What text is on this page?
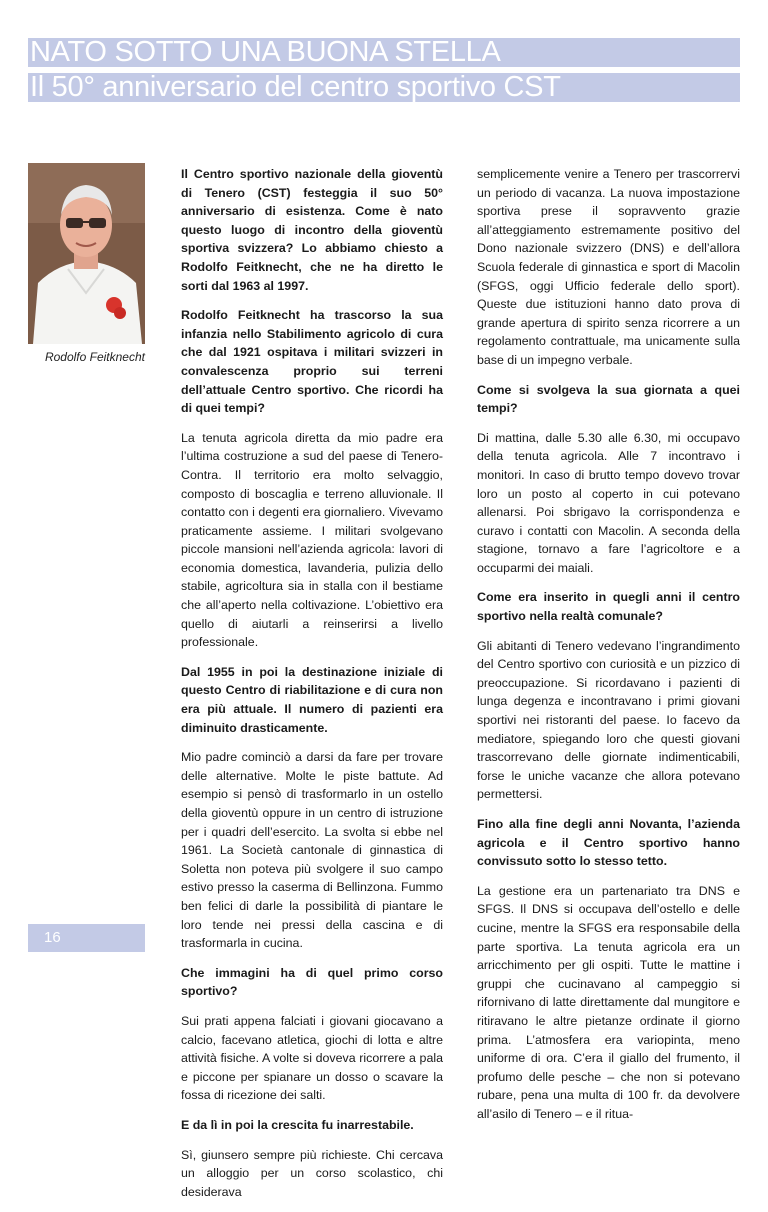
NATO SOTTO UNA BUONA STELLA
Il 50° anniversario del centro sportivo CST
Rodolfo Feitknecht

Il Centro sportivo nazionale della gioventù di Tenero (CST) festeggia il suo 50° anniversario di esistenza. Come è nato questo luogo di incontro della gioventù sportiva svizzera? Lo abbiamo chiesto a Rodolfo Feitknecht, che ne ha diretto le sorti dal 1963 al 1997.

Rodolfo Feitknecht ha trascorso la sua infanzia nello Stabilimento agricolo di cura che dal 1921 ospitava i militari svizzeri in convalescenza proprio sui terreni dell’attuale Centro sportivo. Che ricordi ha di quei tempi?

La tenuta agricola diretta da mio padre era l’ultima costruzione a sud del paese di Tenero-Contra. Il territorio era molto selvaggio, composto di boscaglia e terreno alluvionale. Il contatto con i degenti era giornaliero. Vivevamo praticamente assieme. I militari svolgevano piccole mansioni nell’azienda agricola: lavori di economia domestica, lavanderia, pulizia dello stabile, agricoltura sia in stalla con il bestiame che all’aperto nella coltivazione. L’obiettivo era quello di aiutarli a reinserirsi a livello professionale.

Dal 1955 in poi la destinazione iniziale di questo Centro di riabilitazione e di cura non era più attuale. Il numero di pazienti era diminuito drasticamente.

Mio padre cominciò a darsi da fare per trovare delle alternative. Molte le piste battute. Ad esempio si pensò di trasformarlo in un ostello della gioventù oppure in un centro di istruzione per i quadri dell’esercito. La svolta si ebbe nel 1961. La Società cantonale di ginnastica di Soletta non poteva più svolgere il suo campo estivo presso la caserma di Bellinzona. Fummo ben felici di darle la possibilità di piantare le loro tende nei pressi della cascina e di trasformarla in cucina.

Che immagini ha di quel primo corso sportivo?

Sui prati appena falciati i giovani giocavano a calcio, facevano atletica, giochi di lotta e altre attività fisiche. A volte si doveva ricorrere a pala e piccone per spianare un dosso o scavare la fossa di ricezione dei salti.

E da lì in poi la crescita fu inarrestabile.

Sì, giunsero sempre più richieste. Chi cercava un alloggio per un corso scolastico, chi desiderava

semplicemente venire a Tenero per trascorrervi un periodo di vacanza. La nuova impostazione sportiva prese il sopravvento grazie all’atteggiamento estremamente positivo del Dono nazionale svizzero (DNS) e dell’allora Scuola federale di ginnastica e sport di Macolin (SFGS, oggi Ufficio federale dello sport). Queste due istituzioni hanno dato prova di grande apertura di spirito senza ricorrere a un regolamento contrattuale, ma unicamente sulla base di un impegno verbale.

Come si svolgeva la sua giornata a quei tempi?

Di mattina, dalle 5.30 alle 6.30, mi occupavo della tenuta agricola. Alle 7 incontravo i monitori. In caso di brutto tempo dovevo trovar loro un posto al coperto in cui potevano allenarsi. Poi sbrigavo la corrispondenza e curavo i contatti con Macolin. A seconda della stagione, tornavo a fare l’agricoltore e a occuparmi dei maiali.

Come era inserito in quegli anni il centro sportivo nella realtà comunale?

Gli abitanti di Tenero vedevano l’ingrandimento del Centro sportivo con curiosità e un pizzico di preoccupazione. Si ricordavano i pazienti di lunga degenza e incontravano i primi giovani sportivi nei ristoranti del paese. Io facevo da mediatore, spiegando loro che questi giovani trascorrevano delle giornate indimenticabili, forse le uniche vacanze che allora potevano permettersi.

Fino alla fine degli anni Novanta, l’azienda agricola e il Centro sportivo hanno convissuto sotto lo stesso tetto.

La gestione era un partenariato tra DNS e SFGS. Il DNS si occupava dell’ostello e delle cucine, mentre la SFGS era responsabile della parte sportiva. La tenuta agricola era un arricchimento per gli ospiti. Tutte le mattine i gruppi che cucinavano al campeggio si rifornivano di latte direttamente dal mungitore e ritiravano le altre pietanze ordinate il giorno prima. L’atmosfera era variopinta, meno uniforme di ora. C’era il giallo del frumento, il profumo delle pesche – che non si potevano rubare, pena una multa di 100 fr. da devolvere all’asilo di Tenero – e il ritua-

16
